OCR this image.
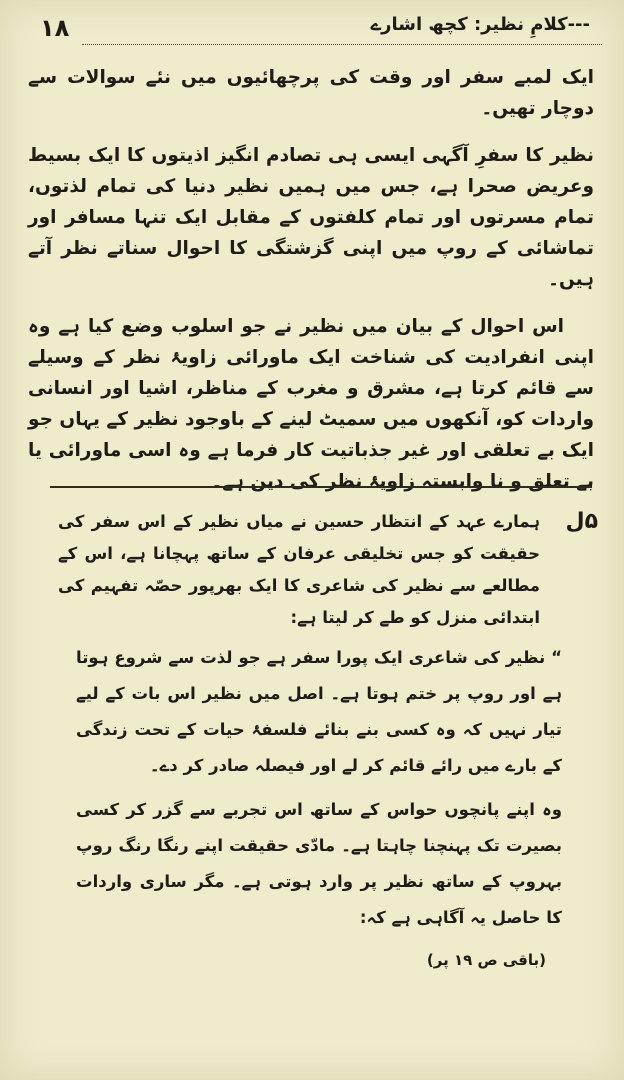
۱۸	---کلامِ نظیر: کچھ اشارے

ایک لمبے سفر اور وقت کی پرچھائیوں میں نئے سوالات سے دوچار تھیں۔

نظیر کا سفرِ آگہی ایسی ہی تصادم انگیز اذیتوں کا ایک بسیط وعریض صحرا ہے، جس میں ہمیں نظیر دنیا کی تمام لذتوں، تمام مسرتوں اور تمام کلفتوں کے مقابل ایک تنہا مسافر اور تماشائی کے روپ میں اپنی گزشتگی کا احوال سناتے نظر آتے ہیں۔

اس احوال کے بیان میں نظیر نے جو اسلوب وضع کیا ہے وہ اپنی انفرادیت کی شناخت ایک ماورائی زاویۂ نظر کے وسیلے سے قائم کرتا ہے، مشرق و مغرب کے مناظر، اشیا اور انسانی واردات کو، آنکھوں میں سمیٹ لینے کے باوجود نظیر کے یہاں جو ایک بے تعلقی اور غیر جذباتیت کار فرما ہے وہ اسی ماورائی یا بے تعلق و نا وابستہ زاویۂ نظر کی دین ہے۔

۵ل

ہمارے عہد کے انتظار حسین نے میاں نظیر کے اس سفر کی حقیقت کو جس تخلیقی عرفان کے ساتھ پہچانا ہے، اس کے مطالعے سے نظیر کی شاعری کا ایک بھرپور حصّہ تفہیم کی ابتدائی منزل کو طے کر لیتا ہے:

“ نظیر کی شاعری ایک پورا سفر ہے جو لذت سے شروع ہوتا ہے اور روپ پر ختم ہوتا ہے۔ اصل میں نظیر اس بات کے لیے تیار نہیں کہ وہ کسی بنے بنائے فلسفۂ حیات کے تحت زندگی کے بارے میں رائے قائم کر لے اور فیصلہ صادر کر دے۔

وہ اپنے پانچوں حواس کے ساتھ اس تجربے سے گزر کر کسی بصیرت تک پہنچنا چاہتا ہے۔ مادّی حقیقت اپنے رنگا رنگ روپ بہروپ کے ساتھ نظیر پر وارد ہوتی ہے۔ مگر ساری واردات کا حاصل یہ آگاہی ہے کہ:

(باقی ص ۱۹ پر)
